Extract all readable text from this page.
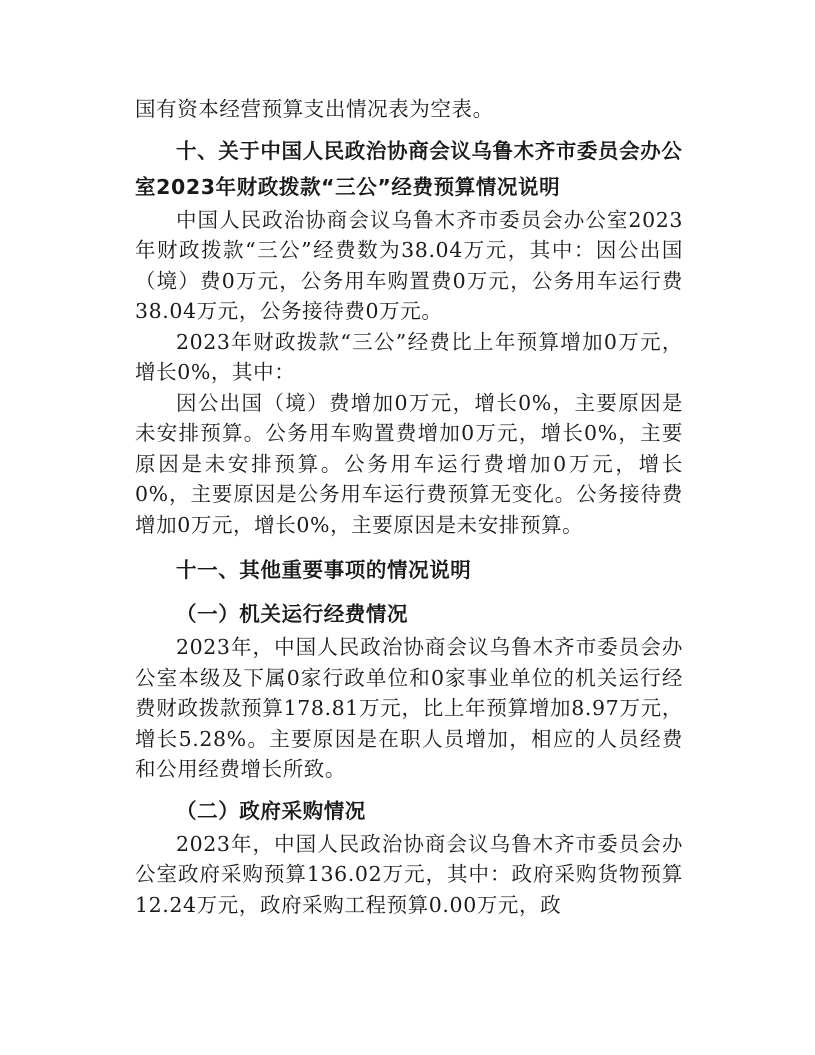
国有资本经营预算支出情况表为空表。

十、关于中国人民政治协商会议乌鲁木齐市委员会办公室2023年财政拨款“三公”经费预算情况说明

中国人民政治协商会议乌鲁木齐市委员会办公室2023年财政拨款“三公”经费数为38.04万元，其中：因公出国（境）费0万元，公务用车购置费0万元，公务用车运行费38.04万元，公务接待费0万元。

2023年财政拨款“三公”经费比上年预算增加0万元，增长0%，其中：

因公出国（境）费增加0万元，增长0%，主要原因是未安排预算。公务用车购置费增加0万元，增长0%，主要原因是未安排预算。公务用车运行费增加0万元，增长0%，主要原因是公务用车运行费预算无变化。公务接待费增加0万元，增长0%，主要原因是未安排预算。

十一、其他重要事项的情况说明

（一）机关运行经费情况

2023年，中国人民政治协商会议乌鲁木齐市委员会办公室本级及下属0家行政单位和0家事业单位的机关运行经费财政拨款预算178.81万元，比上年预算增加8.97万元，增长5.28%。主要原因是在职人员增加，相应的人员经费和公用经费增长所致。

（二）政府采购情况

2023年，中国人民政治协商会议乌鲁木齐市委员会办公室政府采购预算136.02万元，其中：政府采购货物预算12.24万元，政府采购工程预算0.00万元，政
